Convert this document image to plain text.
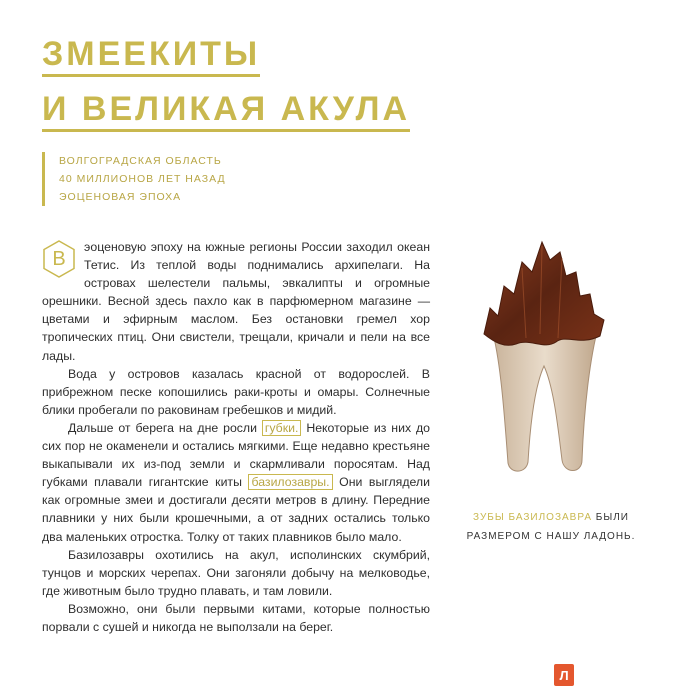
ЗМЕЕКИТЫ
И ВЕЛИКАЯ АКУЛА
ВОЛГОГРАДСКАЯ ОБЛАСТЬ
40 МИЛЛИОНОВ ЛЕТ НАЗАД
ЭОЦЕНОВАЯ ЭПОХА

В
эоценовую эпоху на южные регионы России заходил океан Тетис. Из теплой воды поднимались архипелаги. На островах шелестели пальмы, эвкалипты и огромные орешники. Весной здесь пахло как в парфюмерном магазине — цветами и эфирным маслом. Без остановки гремел хор тропических птиц. Они свистели, трещали, кричали и пели на все лады.

Вода у островов казалась красной от водорослей. В прибрежном песке копошились раки-кроты и омары. Солнечные блики пробегали по раковинам гребешков и мидий.

Дальше от берега на дне росли губки. Некоторые из них до сих пор не окаменели и остались мягкими. Еще недавно крестьяне выкапывали их из-под земли и скармливали поросятам. Над губками плавали гигантские киты базилозавры. Они выглядели как огромные змеи и достигали десяти метров в длину. Передние плавники у них были крошечными, а от задних остались только два маленьких отростка. Толку от таких плавников было мало.

Базилозавры охотились на акул, исполинских скумбрий, тунцов и морских черепах. Они загоняли добычу на мелководье, где животным было трудно плавать, и там ловили.

Возможно, они были первыми китами, которые полностью порвали с сушей и никогда не выползали на берег.

ЗУБЫ БАЗИЛОЗАВРА БЫЛИ
РАЗМЕРОМ С НАШУ ЛАДОНЬ.
Л
